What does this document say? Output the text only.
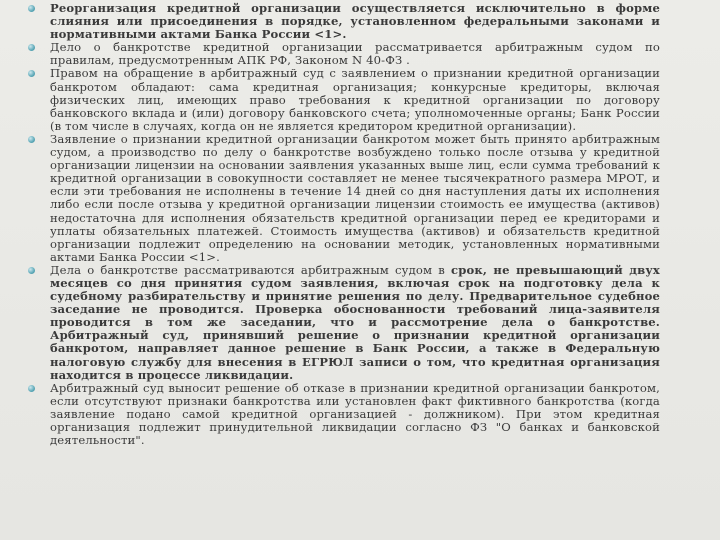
Реорганизация кредитной организации осуществляется исключительно в форме слияния или присоединения в порядке, установленном федеральными законами и нормативными актами Банка России <1>.
Дело о банкротстве кредитной организации рассматривается арбитражным судом по правилам, предусмотренным АПК РФ, Законом N 40-ФЗ .
Правом на обращение в арбитражный суд с заявлением о признании кредитной организации банкротом обладают: сама кредитная организация; конкурсные кредиторы, включая физических лиц, имеющих право требования к кредитной организации по договору банковского вклада и (или) договору банковского счета; уполномоченные органы; Банк России (в том числе в случаях, когда он не является кредитором кредитной организации).
Заявление о признании кредитной организации банкротом может быть принято арбитражным судом, а производство по делу о банкротстве возбуждено только после отзыва у кредитной организации лицензии на основании заявления указанных выше лиц, если сумма требований к кредитной организации в совокупности составляет не менее тысячекратного размера МРОТ, и если эти требования не исполнены в течение 14 дней со дня наступления даты их исполнения либо если после отзыва у кредитной организации лицензии стоимость ее имущества (активов) недостаточна для исполнения обязательств кредитной организации перед ее кредиторами и уплаты обязательных платежей. Стоимость имущества (активов) и обязательств кредитной организации подлежит определению на основании методик, установленных нормативными актами Банка России <1>.
Дела о банкротстве рассматриваются арбитражным судом в срок, не превышающий двух месяцев со дня принятия судом заявления, включая срок на подготовку дела к судебному разбирательству и принятие решения по делу. Предварительное судебное заседание не проводится. Проверка обоснованности требований лица-заявителя проводится в том же заседании, что и рассмотрение дела о банкротстве. Арбитражный суд, принявший решение о признании кредитной организации банкротом, направляет данное решение в Банк России, а также в Федеральную налоговую службу для внесения в ЕГРЮЛ записи о том, что кредитная организация находится в процессе ликвидации.
Арбитражный суд выносит решение об отказе в признании кредитной организации банкротом, если отсутствуют признаки банкротства или установлен факт фиктивного банкротства (когда заявление подано самой кредитной организацией - должником). При этом кредитная организация подлежит принудительной ликвидации согласно ФЗ "О банках и банковской деятельности".
